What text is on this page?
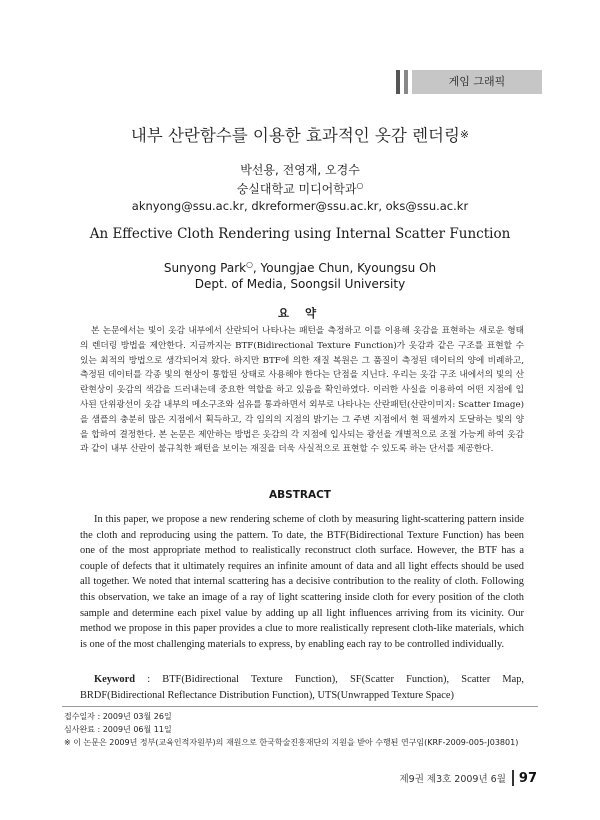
게임 그래픽
내부 산란함수를 이용한 효과적인 옷감 렌더링※
박선용, 전영재, 오경수
숭실대학교 미디어학과○
aknyong@ssu.ac.kr, dkreformer@ssu.ac.kr, oks@ssu.ac.kr
An Effective Cloth Rendering using Internal Scatter Function
Sunyong Park○, Youngjae Chun, Kyoungsu Oh
Dept. of Media, Soongsil University
요 약

본 논문에서는 빛이 옷감 내부에서 산란되어 나타나는 패턴을 측정하고 이를 이용해 옷감을 표현하는 새로운 형태의 렌더링 방법을 제안한다. 지금까지는 BTF(Bidirectional Texture Function)가 옷감과 같은 구조를 표현할 수 있는 최적의 방법으로 생각되어져 왔다. 하지만 BTF에 의한 재질 복원은 그 품질이 측정된 데이터의 양에 비례하고, 측정된 데이터를 각종 빛의 현상이 통합된 상태로 사용해야 한다는 단점을 지닌다. 우리는 옷감 구조 내에서의 빛의 산란현상이 옷감의 색감을 드러내는데 중요한 역할을 하고 있음을 확인하였다. 이러한 사실을 이용하여 어떤 지점에 입사된 단위광선이 옷감 내부의 메소구조와 섬유를 통과하면서 외부로 나타나는 산란패턴(산란이미지: Scatter Image)을 샘플의 충분히 많은 지점에서 획득하고, 각 임의의 지점의 밝기는 그 주변 지점에서 현 픽셀까지 도달하는 빛의 양을 합하여 결정한다. 본 논문은 제안하는 방법은 옷감의 각 지점에 입사되는 광선을 개별적으로 조절 가능케 하여 옷감과 같이 내부 산란이 불규칙한 패턴을 보이는 재질을 더욱 사실적으로 표현할 수 있도록 하는 단서를 제공한다.

ABSTRACT

In this paper, we propose a new rendering scheme of cloth by measuring light-scattering pattern inside the cloth and reproducing using the pattern. To date, the BTF(Bidirectional Texture Function) has been one of the most appropriate method to realistically reconstruct cloth surface. However, the BTF has a couple of defects that it ultimately requires an infinite amount of data and all light effects should be used all together. We noted that internal scattering has a decisive contribution to the reality of cloth. Following this observation, we take an image of a ray of light scattering inside cloth for every position of the cloth sample and determine each pixel value by adding up all light influences arriving from its vicinity. Our method we propose in this paper provides a clue to more realistically represent cloth-like materials, which is one of the most challenging materials to express, by enabling each ray to be controlled individually.

Keyword : BTF(Bidirectional Texture Function), SF(Scatter Function), Scatter Map, BRDF(Bidirectional Reflectance Distribution Function), UTS(Unwrapped Texture Space)

접수일자 : 2009년 03월 26일
심사완료 : 2009년 06월 11일
※ 이 논문은 2009년 정부(교육인적자원부)의 재원으로 한국학술진흥재단의 지원을 받아 수행된 연구임(KRF-2009-005-J03801)
제9권 제3호 2009년 6월 97
